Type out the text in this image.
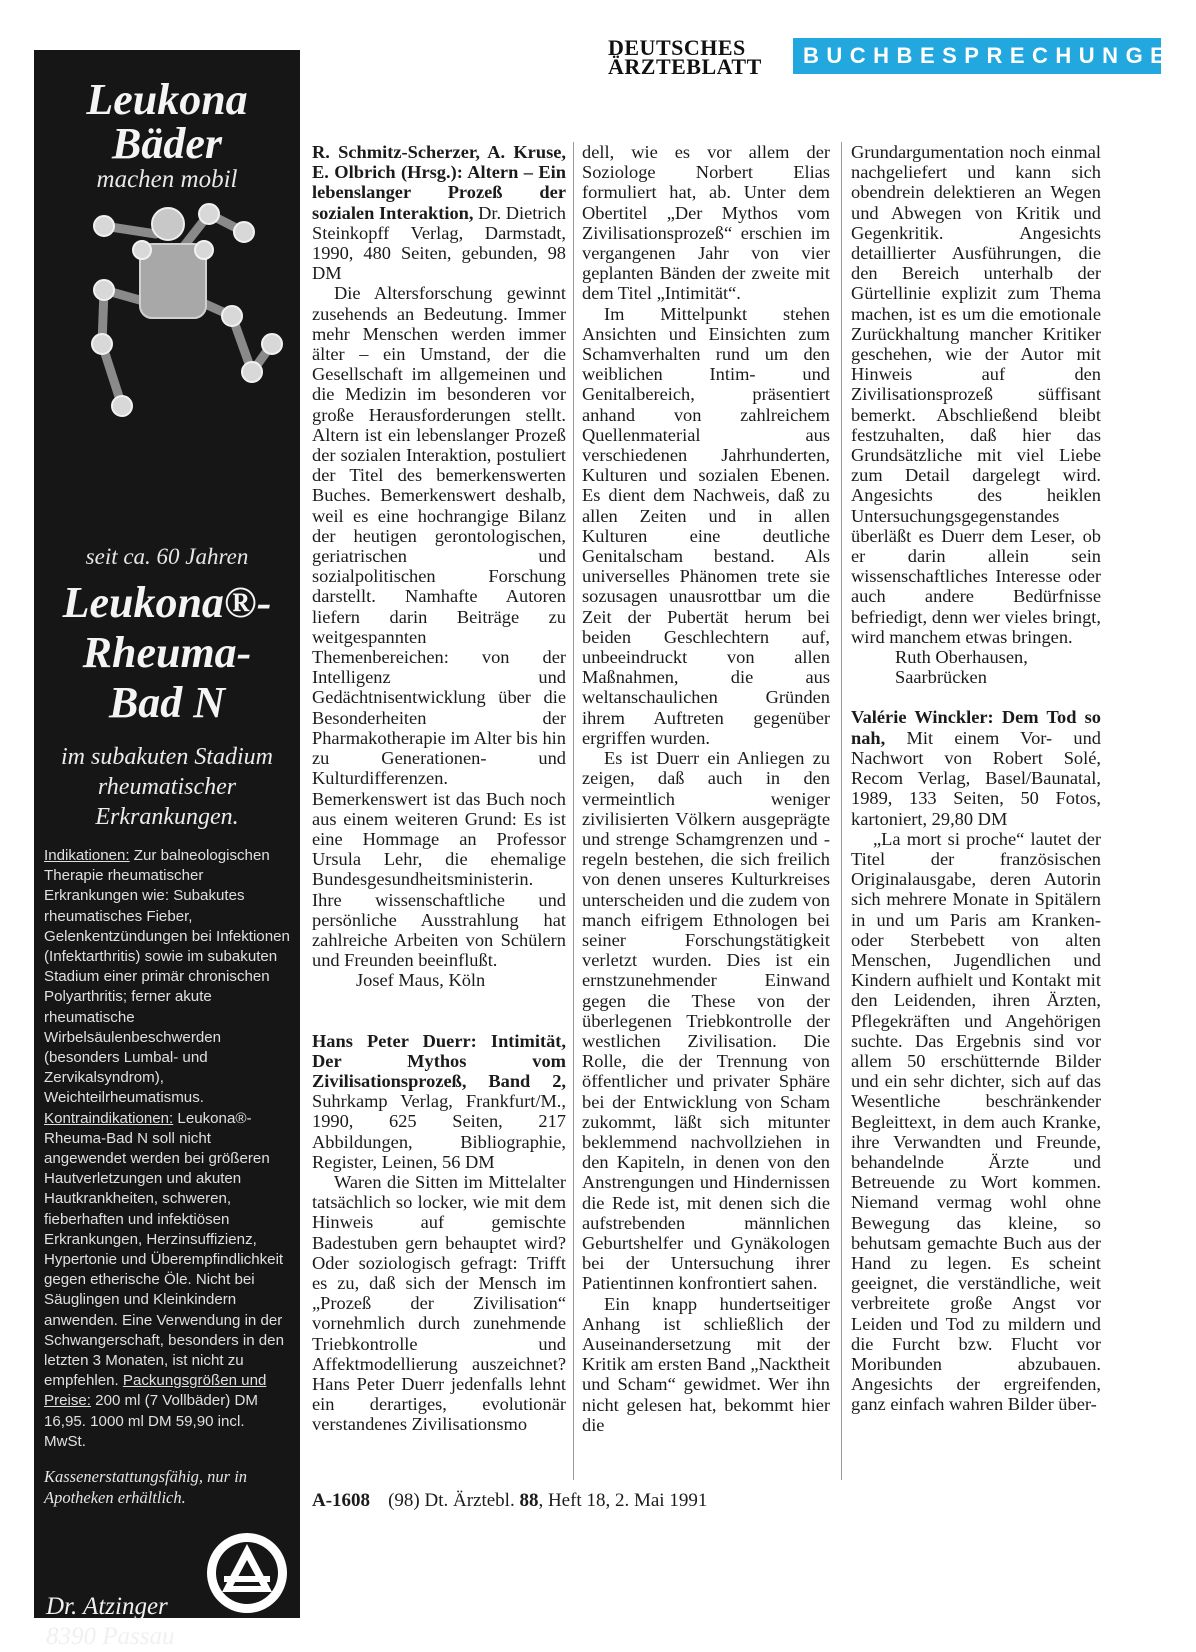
DEUTSCHES
ÄRZTEBLATT	BUCHBESPRECHUNGEN
Leukona
Bäder
machen mobil
seit ca. 60 Jahren
Leukona®-
Rheuma-
Bad N
im subakuten Stadium
rheumatischer
Erkrankungen.
Indikationen: Zur balneologischen Therapie rheumatischer Erkrankungen wie: Subakutes rheumatisches Fieber, Gelenkentzündungen bei Infektionen (Infektarthritis) sowie im subakuten Stadium einer primär chronischen Polyarthritis; ferner akute rheumatische Wirbelsäulenbeschwerden (besonders Lumbal- und Zervikalsyndrom), Weichteilrheumatismus. Kontraindikationen: Leukona®-Rheuma-Bad N soll nicht angewendet werden bei größeren Hautverletzungen und akuten Hautkrankheiten, schweren, fieberhaften und infektiösen Erkrankungen, Herzinsuffizienz, Hypertonie und Überempfindlichkeit gegen etherische Öle. Nicht bei Säuglingen und Kleinkindern anwenden. Eine Verwendung in der Schwangerschaft, besonders in den letzten 3 Monaten, ist nicht zu empfehlen. Packungsgrößen und Preise: 200 ml (7 Vollbäder) DM 16,95. 1000 ml DM 59,90 incl. MwSt.
Kassenerstattungsfähig, nur in Apotheken erhältlich.
Dr. Atzinger
8390 Passau

R. Schmitz-Scherzer, A. Kruse, E. Olbrich (Hrsg.): Altern – Ein lebenslanger Prozeß der sozialen Interaktion, Dr. Dietrich Steinkopff Verlag, Darmstadt, 1990, 480 Seiten, gebunden, 98 DM

Die Altersforschung gewinnt zusehends an Bedeutung. Immer mehr Menschen werden immer älter – ein Umstand, der die Gesellschaft im allgemeinen und die Medizin im besonderen vor große Herausforderungen stellt. Altern ist ein lebenslanger Prozeß der sozialen Interaktion, postuliert der Titel des bemerkenswerten Buches. Bemerkenswert deshalb, weil es eine hochrangige Bilanz der heutigen gerontologischen, geriatrischen und sozialpolitischen Forschung darstellt. Namhafte Autoren liefern darin Beiträge zu weitgespannten Themenbereichen: von der Intelligenz und Gedächtnisentwicklung über die Besonderheiten der Pharmakotherapie im Alter bis hin zu Generationen- und Kulturdifferenzen. Bemerkenswert ist das Buch noch aus einem weiteren Grund: Es ist eine Hommage an Professor Ursula Lehr, die ehemalige Bundesgesundheitsministerin. Ihre wissenschaftliche und persönliche Ausstrahlung hat zahlreiche Arbeiten von Schülern und Freunden beeinflußt.

Josef Maus, Köln

Hans Peter Duerr: Intimität, Der Mythos vom Zivilisationsprozeß, Band 2, Suhrkamp Verlag, Frankfurt/M., 1990, 625 Seiten, 217 Abbildungen, Bibliographie, Register, Leinen, 56 DM

Waren die Sitten im Mittelalter tatsächlich so locker, wie mit dem Hinweis auf gemischte Badestuben gern behauptet wird? Oder soziologisch gefragt: Trifft es zu, daß sich der Mensch im „Prozeß der Zivilisation“ vornehmlich durch zunehmende Triebkontrolle und Affektmodellierung auszeichnet? Hans Peter Duerr jedenfalls lehnt ein derartiges, evolutionär verstandenes Zivilisationsmo

dell, wie es vor allem der Soziologe Norbert Elias formuliert hat, ab. Unter dem Obertitel „Der Mythos vom Zivilisationsprozeß“ erschien im vergangenen Jahr von vier geplanten Bänden der zweite mit dem Titel „Intimität“.

Im Mittelpunkt stehen Ansichten und Einsichten zum Schamverhalten rund um den weiblichen Intim- und Genitalbereich, präsentiert anhand von zahlreichem Quellenmaterial aus verschiedenen Jahrhunderten, Kulturen und sozialen Ebenen. Es dient dem Nachweis, daß zu allen Zeiten und in allen Kulturen eine deutliche Genitalscham bestand. Als universelles Phänomen trete sie sozusagen unausrottbar um die Zeit der Pubertät herum bei beiden Geschlechtern auf, unbeeindruckt von allen Maßnahmen, die aus weltanschaulichen Gründen ihrem Auftreten gegenüber ergriffen wurden.

Es ist Duerr ein Anliegen zu zeigen, daß auch in den vermeintlich weniger zivilisierten Völkern ausgeprägte und strenge Schamgrenzen und -regeln bestehen, die sich freilich von denen unseres Kulturkreises unterscheiden und die zudem von manch eifrigem Ethnologen bei seiner Forschungstätigkeit verletzt wurden. Dies ist ein ernstzunehmender Einwand gegen die These von der überlegenen Triebkontrolle der westlichen Zivilisation. Die Rolle, die der Trennung von öffentlicher und privater Sphäre bei der Entwicklung von Scham zukommt, läßt sich mitunter beklemmend nachvollziehen in den Kapiteln, in denen von den Anstrengungen und Hindernissen die Rede ist, mit denen sich die aufstrebenden männlichen Geburtshelfer und Gynäkologen bei der Untersuchung ihrer Patientinnen konfrontiert sahen.

Ein knapp hundertseitiger Anhang ist schließlich der Auseinandersetzung mit der Kritik am ersten Band „Nacktheit und Scham“ gewidmet. Wer ihn nicht gelesen hat, bekommt hier die

Grundargumentation noch einmal nachgeliefert und kann sich obendrein delektieren an Wegen und Abwegen von Kritik und Gegenkritik. Angesichts detaillierter Ausführungen, die den Bereich unterhalb der Gürtellinie explizit zum Thema machen, ist es um die emotionale Zurückhaltung mancher Kritiker geschehen, wie der Autor mit Hinweis auf den Zivilisationsprozeß süffisant bemerkt. Abschließend bleibt festzuhalten, daß hier das Grundsätzliche mit viel Liebe zum Detail dargelegt wird. Angesichts des heiklen Untersuchungsgegenstandes überläßt es Duerr dem Leser, ob er darin allein sein wissenschaftliches Interesse oder auch andere Bedürfnisse befriedigt, denn wer vieles bringt, wird manchem etwas bringen.

Ruth Oberhausen,

Saarbrücken

Valérie Winckler: Dem Tod so nah, Mit einem Vor- und Nachwort von Robert Solé, Recom Verlag, Basel/Baunatal, 1989, 133 Seiten, 50 Fotos, kartoniert, 29,80 DM

„La mort si proche“ lautet der Titel der französischen Originalausgabe, deren Autorin sich mehrere Monate in Spitälern in und um Paris am Kranken- oder Sterbebett von alten Menschen, Jugendlichen und Kindern aufhielt und Kontakt mit den Leidenden, ihren Ärzten, Pflegekräften und Angehörigen suchte. Das Ergebnis sind vor allem 50 erschütternde Bilder und ein sehr dichter, sich auf das Wesentliche beschränkender Begleittext, in dem auch Kranke, ihre Verwandten und Freunde, behandelnde Ärzte und Betreuende zu Wort kommen. Niemand vermag wohl ohne Bewegung das kleine, so behutsam gemachte Buch aus der Hand zu legen. Es scheint geeignet, die verständliche, weit verbreitete große Angst vor Leiden und Tod zu mildern und die Furcht bzw. Flucht vor Moribunden abzubauen. Angesichts der ergreifenden, ganz einfach wahren Bilder über-

A-1608 (98) Dt. Ärztebl. 88, Heft 18, 2. Mai 1991
